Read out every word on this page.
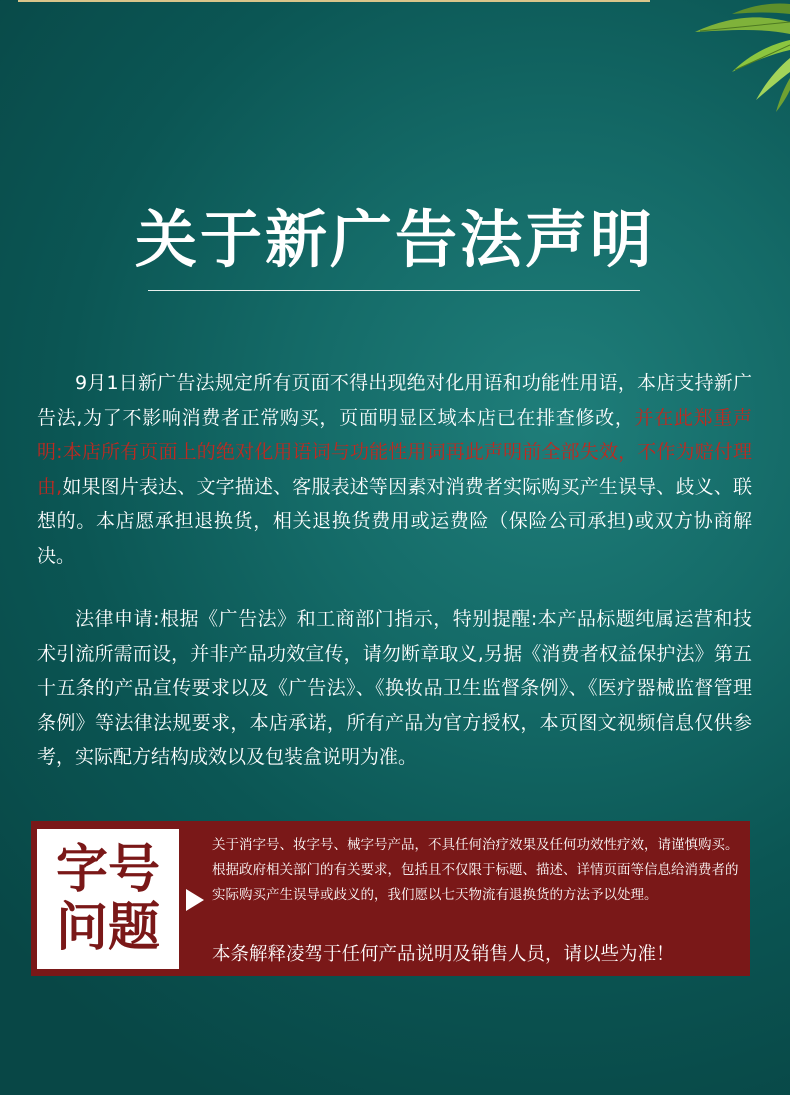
关于新广告法声明

9月1日新广告法规定所有页面不得出现绝对化用语和功能性用语，本店支持新广告法,为了不影响消费者正常购买，页面明显区域本店已在排查修改，并在此郑重声明:本店所有页面上的绝对化用语词与功能性用词再此声明前全部失效，不作为赔付理由,如果图片表达、文字描述、客服表述等因素对消费者实际购买产生误导、歧义、联想的。本店愿承担退换货，相关退换货费用或运费险（保险公司承担)或双方协商解决。

法律申请:根据《广告法》和工商部门指示，特别提醒:本产品标题纯属运营和技术引流所需而设，并非产品功效宣传，请勿断章取义,另据《消费者权益保护法》第五十五条的产品宣传要求以及《广告法》、《换妆品卫生监督条例》、《医疗器械监督管理条例》等法律法规要求，本店承诺，所有产品为官方授权，本页图文视频信息仅供参考，实际配方结构成效以及包装盒说明为准。

字号
问题

关于消字号、妆字号、械字号产品，不具任何治疗效果及任何功效性疗效，请谨慎购买。根据政府相关部门的有关要求，包括且不仅限于标题、描述、详情页面等信息给消费者的实际购买产生误导或歧义的，我们愿以七天物流有退换货的方法予以处理。

本条解释凌驾于任何产品说明及销售人员，请以些为准！
